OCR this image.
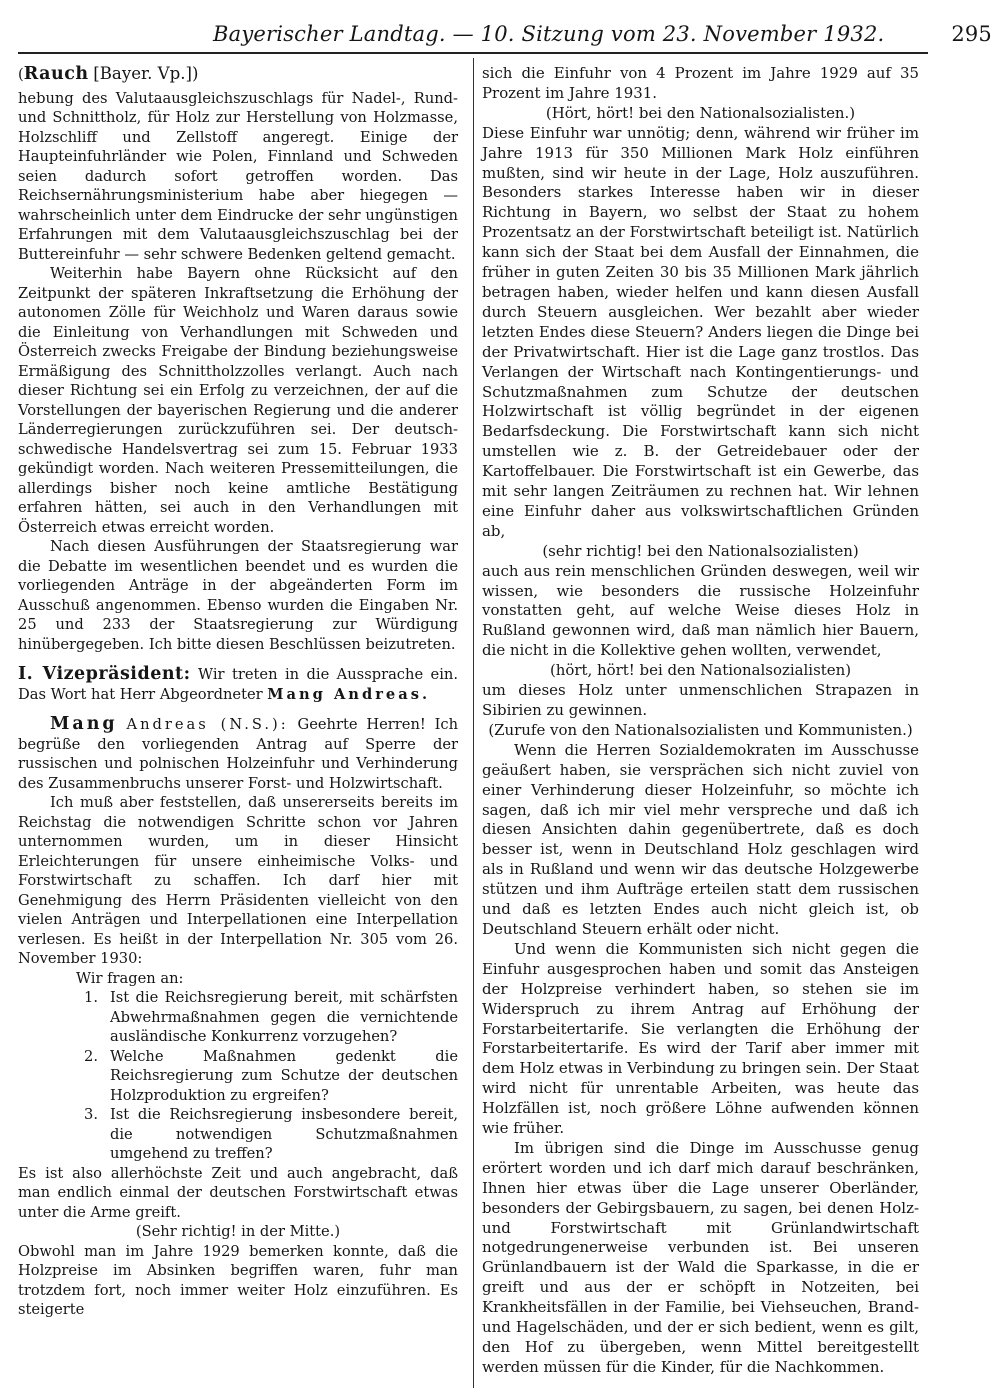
Bayerischer Landtag. — 10. Sitzung vom 23. November 1932.	295

(Rauch [Bayer. Vp.])

hebung des Valutaausgleichszuschlags für Nadel-, Rund- und Schnittholz, für Holz zur Herstellung von Holzmasse, Holzschliff und Zellstoff angeregt. Einige der Haupteinfuhrländer wie Polen, Finnland und Schweden seien dadurch sofort getroffen worden. Das Reichsernährungsministerium habe aber hiegegen — wahrscheinlich unter dem Eindrucke der sehr ungünstigen Erfahrungen mit dem Valutaausgleichszuschlag bei der Buttereinfuhr — sehr schwere Bedenken geltend gemacht.

Weiterhin habe Bayern ohne Rücksicht auf den Zeitpunkt der späteren Inkraftsetzung die Erhöhung der autonomen Zölle für Weichholz und Waren daraus sowie die Einleitung von Verhandlungen mit Schweden und Österreich zwecks Freigabe der Bindung beziehungsweise Ermäßigung des Schnittholzzolles verlangt. Auch nach dieser Richtung sei ein Erfolg zu verzeichnen, der auf die Vorstellungen der bayerischen Regierung und die anderer Länderregierungen zurückzuführen sei. Der deutsch-schwedische Handelsvertrag sei zum 15. Februar 1933 gekündigt worden. Nach weiteren Pressemitteilungen, die allerdings bisher noch keine amtliche Bestätigung erfahren hätten, sei auch in den Verhandlungen mit Österreich etwas erreicht worden.

Nach diesen Ausführungen der Staatsregierung war die Debatte im wesentlichen beendet und es wurden die vorliegenden Anträge in der abgeänderten Form im Ausschuß angenommen. Ebenso wurden die Eingaben Nr. 25 und 233 der Staatsregierung zur Würdigung hinübergegeben. Ich bitte diesen Beschlüssen beizutreten.

I. Vizepräsident: Wir treten in die Aussprache ein. Das Wort hat Herr Abgeordneter Mang Andreas.

Mang Andreas (N.S.): Geehrte Herren! Ich begrüße den vorliegenden Antrag auf Sperre der russischen und polnischen Holzeinfuhr und Verhinderung des Zusammenbruchs unserer Forst- und Holzwirtschaft.

Ich muß aber feststellen, daß unsererseits bereits im Reichstag die notwendigen Schritte schon vor Jahren unternommen wurden, um in dieser Hinsicht Erleichterungen für unsere einheimische Volks- und Forstwirtschaft zu schaffen. Ich darf hier mit Genehmigung des Herrn Präsidenten vielleicht von den vielen Anträgen und Interpellationen eine Interpellation verlesen. Es heißt in der Interpellation Nr. 305 vom 26. November 1930:

Wir fragen an:

1. Ist die Reichsregierung bereit, mit schärfsten Abwehrmaßnahmen gegen die vernichtende ausländische Konkurrenz vorzugehen?

2. Welche Maßnahmen gedenkt die Reichsregierung zum Schutze der deutschen Holzproduktion zu ergreifen?

3. Ist die Reichsregierung insbesondere bereit, die notwendigen Schutzmaßnahmen umgehend zu treffen?

Es ist also allerhöchste Zeit und auch angebracht, daß man endlich einmal der deutschen Forstwirtschaft etwas unter die Arme greift.

(Sehr richtig! in der Mitte.)

Obwohl man im Jahre 1929 bemerken konnte, daß die Holzpreise im Absinken begriffen waren, fuhr man trotzdem fort, noch immer weiter Holz einzuführen. Es steigerte

sich die Einfuhr von 4 Prozent im Jahre 1929 auf 35 Prozent im Jahre 1931.

(Hört, hört! bei den Nationalsozialisten.)

Diese Einfuhr war unnötig; denn, während wir früher im Jahre 1913 für 350 Millionen Mark Holz einführen mußten, sind wir heute in der Lage, Holz auszuführen. Besonders starkes Interesse haben wir in dieser Richtung in Bayern, wo selbst der Staat zu hohem Prozentsatz an der Forstwirtschaft beteiligt ist. Natürlich kann sich der Staat bei dem Ausfall der Einnahmen, die früher in guten Zeiten 30 bis 35 Millionen Mark jährlich betragen haben, wieder helfen und kann diesen Ausfall durch Steuern ausgleichen. Wer bezahlt aber wieder letzten Endes diese Steuern? Anders liegen die Dinge bei der Privatwirtschaft. Hier ist die Lage ganz trostlos. Das Verlangen der Wirtschaft nach Kontingentierungs- und Schutzmaßnahmen zum Schutze der deutschen Holzwirtschaft ist völlig begründet in der eigenen Bedarfsdeckung. Die Forstwirtschaft kann sich nicht umstellen wie z. B. der Getreidebauer oder der Kartoffelbauer. Die Forstwirtschaft ist ein Gewerbe, das mit sehr langen Zeiträumen zu rechnen hat. Wir lehnen eine Einfuhr daher aus volkswirtschaftlichen Gründen ab,

(sehr richtig! bei den Nationalsozialisten)

auch aus rein menschlichen Gründen deswegen, weil wir wissen, wie besonders die russische Holzeinfuhr vonstatten geht, auf welche Weise dieses Holz in Rußland gewonnen wird, daß man nämlich hier Bauern, die nicht in die Kollektive gehen wollten, verwendet,

(hört, hört! bei den Nationalsozialisten)

um dieses Holz unter unmenschlichen Strapazen in Sibirien zu gewinnen.

(Zurufe von den Nationalsozialisten und Kommunisten.)

Wenn die Herren Sozialdemokraten im Ausschusse geäußert haben, sie versprächen sich nicht zuviel von einer Verhinderung dieser Holzeinfuhr, so möchte ich sagen, daß ich mir viel mehr verspreche und daß ich diesen Ansichten dahin gegenübertrete, daß es doch besser ist, wenn in Deutschland Holz geschlagen wird als in Rußland und wenn wir das deutsche Holzgewerbe stützen und ihm Aufträge erteilen statt dem russischen und daß es letzten Endes auch nicht gleich ist, ob Deutschland Steuern erhält oder nicht.

Und wenn die Kommunisten sich nicht gegen die Einfuhr ausgesprochen haben und somit das Ansteigen der Holzpreise verhindert haben, so stehen sie im Widerspruch zu ihrem Antrag auf Erhöhung der Forstarbeitertarife. Sie verlangten die Erhöhung der Forstarbeitertarife. Es wird der Tarif aber immer mit dem Holz etwas in Verbindung zu bringen sein. Der Staat wird nicht für unrentable Arbeiten, was heute das Holzfällen ist, noch größere Löhne aufwenden können wie früher.

Im übrigen sind die Dinge im Ausschusse genug erörtert worden und ich darf mich darauf beschränken, Ihnen hier etwas über die Lage unserer Oberländer, besonders der Gebirgsbauern, zu sagen, bei denen Holz- und Forstwirtschaft mit Grünlandwirtschaft notgedrungenerweise verbunden ist. Bei unseren Grünlandbauern ist der Wald die Sparkasse, in die er greift und aus der er schöpft in Notzeiten, bei Krankheitsfällen in der Familie, bei Viehseuchen, Brand- und Hagelschäden, und der er sich bedient, wenn es gilt, den Hof zu übergeben, wenn Mittel bereitgestellt werden müssen für die Kinder, für die Nachkommen.
